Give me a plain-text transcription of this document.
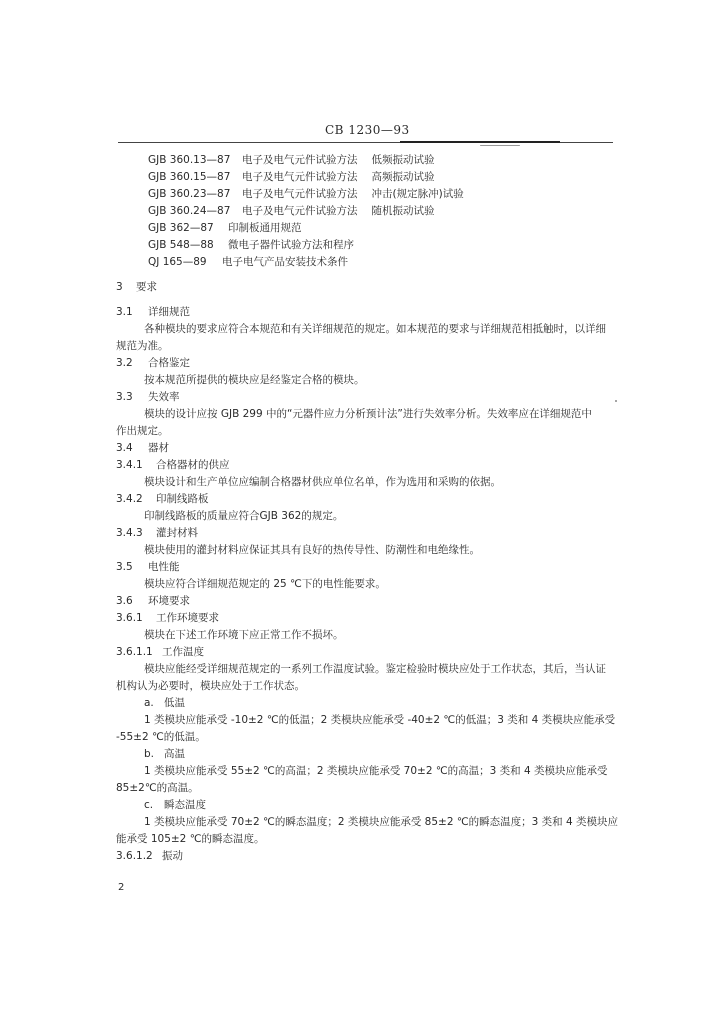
CB 1230—93
GJB 360.13—87 电子及电气元件试验方法 低频振动试验
GJB 360.15—87 电子及电气元件试验方法 高频振动试验
GJB 360.23—87 电子及电气元件试验方法 冲击(规定脉冲)试验
GJB 360.24—87 电子及电气元件试验方法 随机振动试验
GJB 362—87 印制板通用规范
GJB 548—88 微电子器件试验方法和程序
QJ 165—89 电子电气产品安装技术条件
3 要求
3.1 详细规范
各种模块的要求应符合本规范和有关详细规范的规定。如本规范的要求与详细规范相抵触时，以详细
规范为准。
3.2 合格鉴定
按本规范所提供的模块应是经鉴定合格的模块。
3.3 失效率
模块的设计应按 GJB 299 中的“元器件应力分析预计法”进行失效率分析。失效率应在详细规范中
作出规定。
3.4 器材
3.4.1 合格器材的供应
模块设计和生产单位应编制合格器材供应单位名单，作为选用和采购的依据。
3.4.2 印制线路板
印制线路板的质量应符合GJB 362的规定。
3.4.3 灌封材料
模块使用的灌封材料应保证其具有良好的热传导性、防潮性和电绝缘性。
3.5 电性能
模块应符合详细规范规定的 25 ℃下的电性能要求。
3.6 环境要求
3.6.1 工作环境要求
模块在下述工作环境下应正常工作不损坏。
3.6.1.1 工作温度
模块应能经受详细规范规定的一系列工作温度试验。鉴定检验时模块应处于工作状态，其后，当认证
机构认为必要时，模块应处于工作状态。
a. 低温
1 类模块应能承受 -10±2 ℃的低温；2 类模块应能承受 -40±2 ℃的低温；3 类和 4 类模块应能承受
-55±2 ℃的低温。
b. 高温
1 类模块应能承受 55±2 ℃的高温；2 类模块应能承受 70±2 ℃的高温；3 类和 4 类模块应能承受
85±2℃的高温。
c. 瞬态温度
1 类模块应能承受 70±2 ℃的瞬态温度；2 类模块应能承受 85±2 ℃的瞬态温度；3 类和 4 类模块应
能承受 105±2 ℃的瞬态温度。
3.6.1.2 振动
2
